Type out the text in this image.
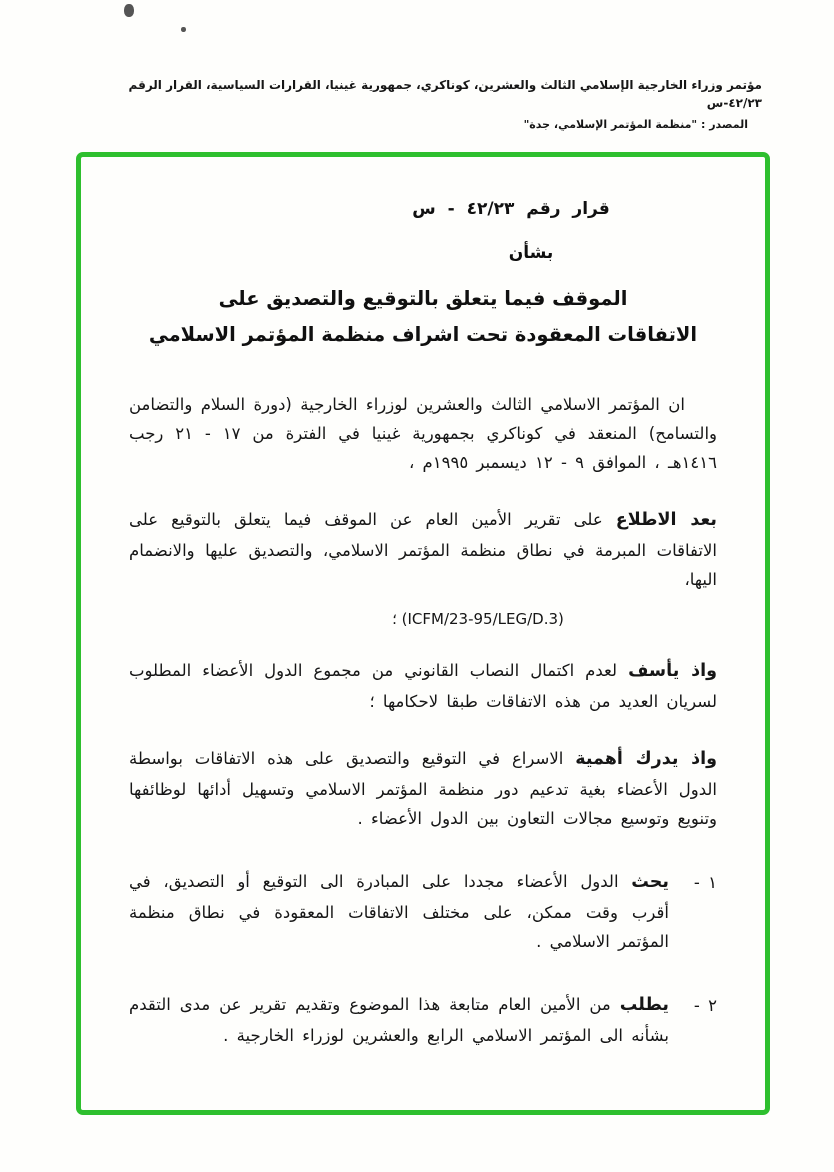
مؤتمر وزراء الخارجية الإسلامي الثالث والعشرين، كوناكري، جمهورية غينيا، القرارات السياسية، القرار الرقم ٤٢/٢٣-س
المصدر : "منظمة المؤتمر الإسلامي، جدة"
قرار رقم ٤٢/٢٣ - س
بشأن
الموقف فيما يتعلق بالتوقيع والتصديق على
الاتفاقات المعقودة تحت اشراف منظمة المؤتمر الاسلامي

ان المؤتمر الاسلامي الثالث والعشرين لوزراء الخارجية (دورة السلام والتضامن والتسامح) المنعقد في كوناكري بجمهورية غينيا في الفترة من ١٧ - ٢١ رجب ١٤١٦هـ ، الموافق ٩ - ١٢ ديسمبر ١٩٩٥م ،

بعد الاطلاع على تقرير الأمين العام عن الموقف فيما يتعلق بالتوقيع على الاتفاقات المبرمة في نطاق منظمة المؤتمر الاسلامي، والتصديق عليها والانضمام اليها،

(ICFM/23-95/LEG/D.3) ؛

واذ يأسف لعدم اكتمال النصاب القانوني من مجموع الدول الأعضاء المطلوب لسريان العديد من هذه الاتفاقات طبقا لاحكامها ؛

واذ يدرك أهمية الاسراع في التوقيع والتصديق على هذه الاتفاقات بواسطة الدول الأعضاء بغية تدعيم دور منظمة المؤتمر الاسلامي وتسهيل أدائها لوظائفها وتنويع وتوسيع مجالات التعاون بين الدول الأعضاء .

١ -
يحث الدول الأعضاء مجددا على المبادرة الى التوقيع أو التصديق، في أقرب وقت ممكن، على مختلف الاتفاقات المعقودة في نطاق منظمة المؤتمر الاسلامي .
٢ -
يطلب من الأمين العام متابعة هذا الموضوع وتقديم تقرير عن مدى التقدم بشأنه الى المؤتمر الاسلامي الرابع والعشرين لوزراء الخارجية .
